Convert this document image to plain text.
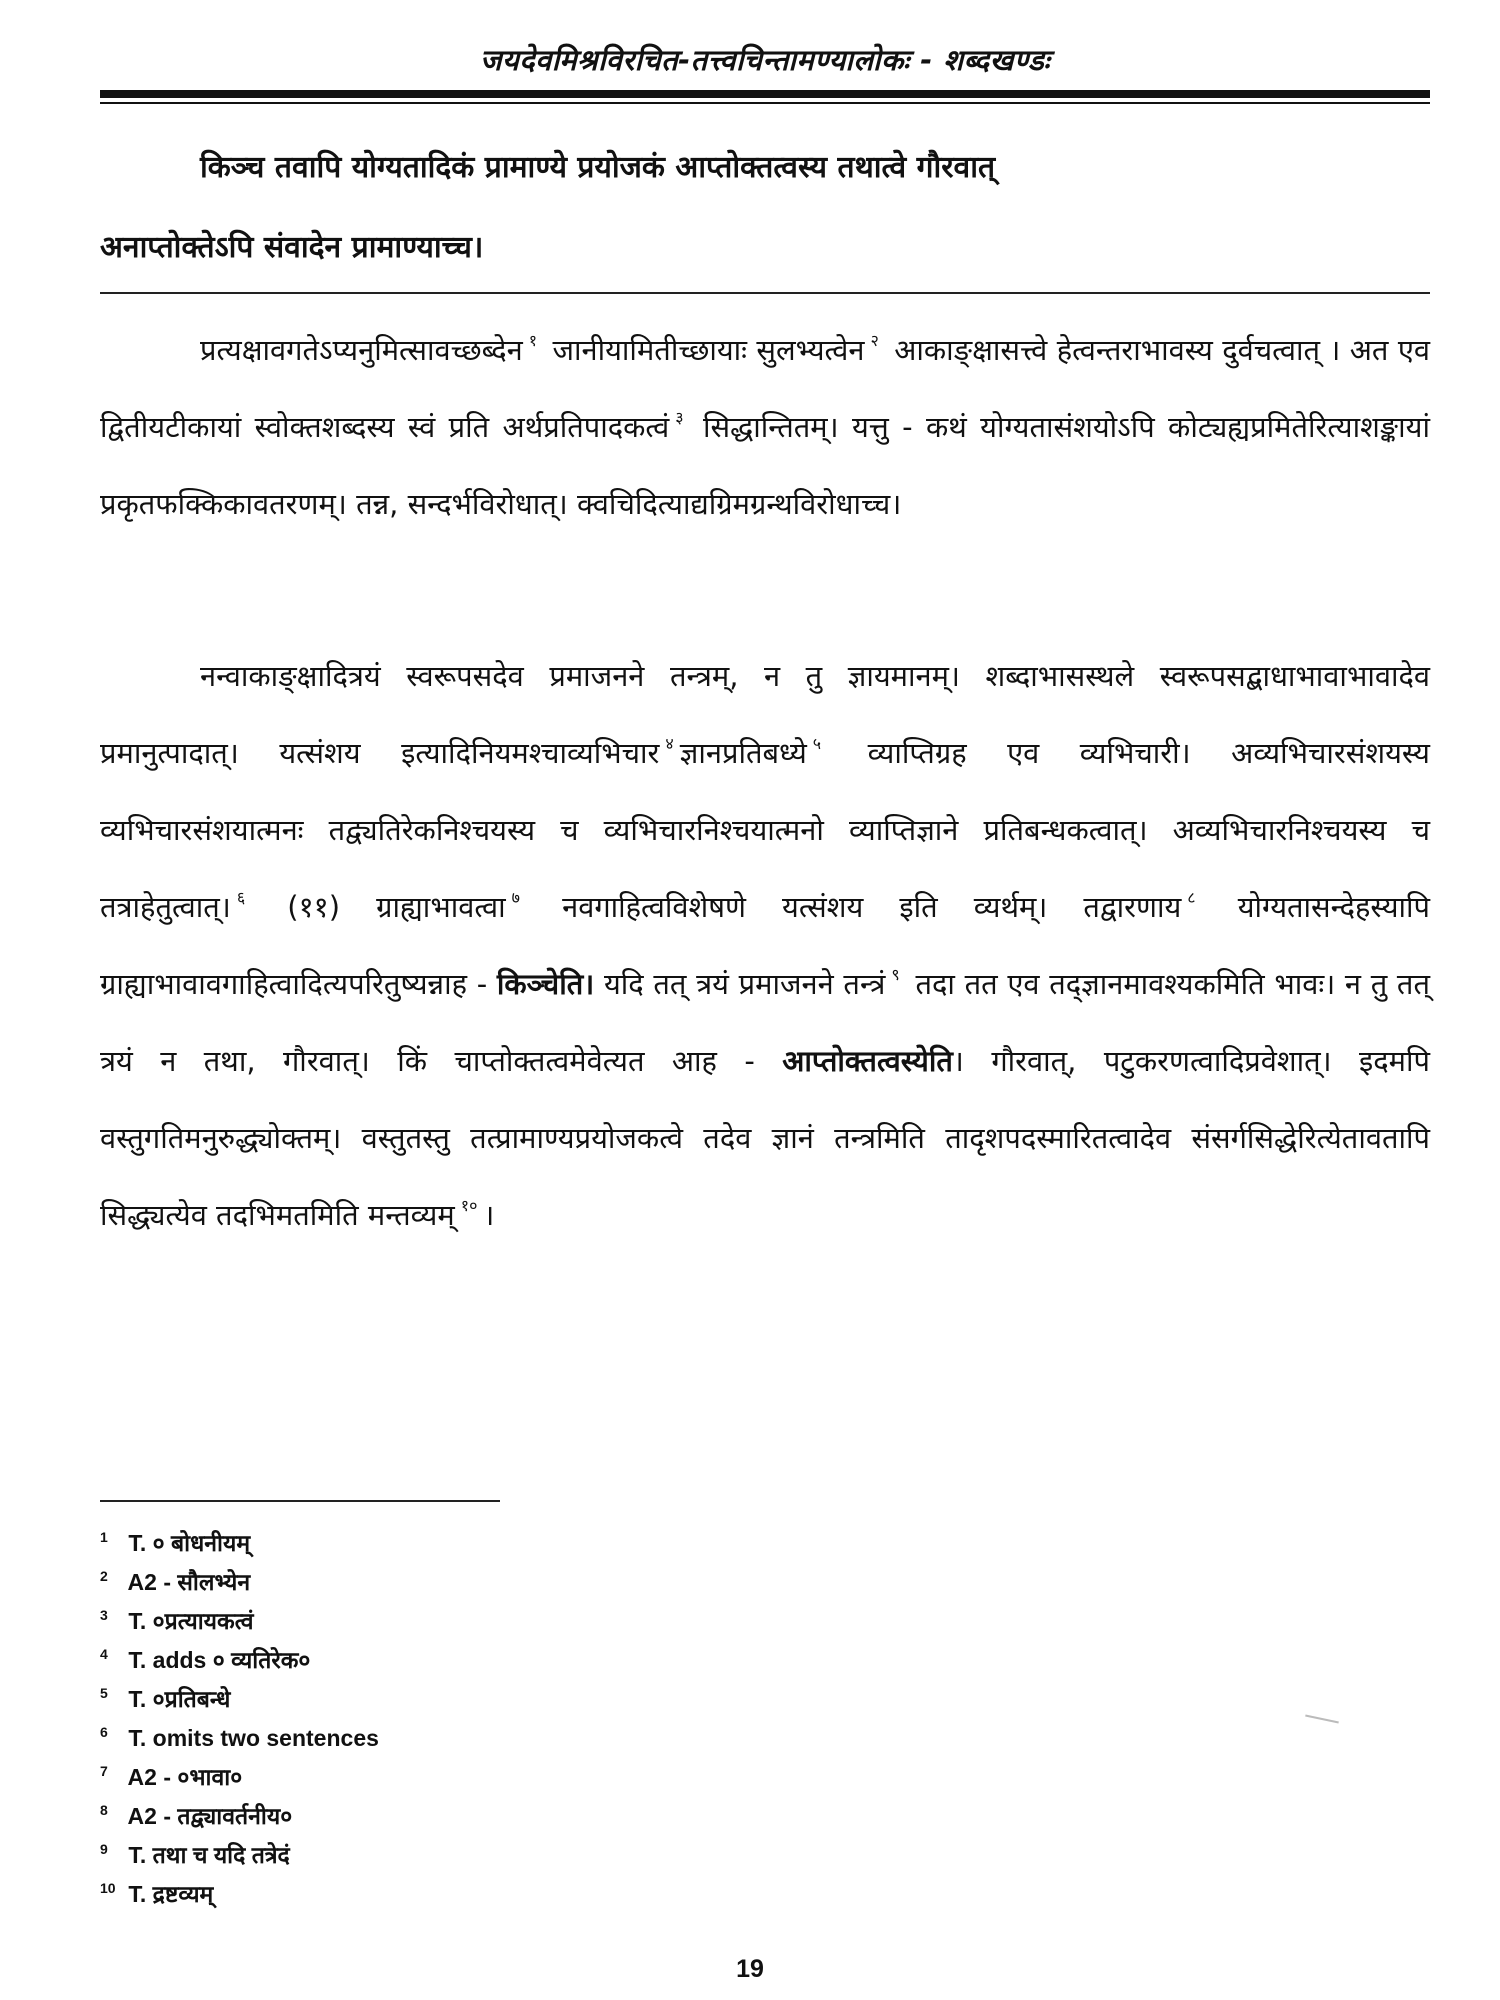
जयदेवमिश्रविरचित-तत्त्वचिन्तामण्यालोकः - शब्दखण्डः
किञ्च तवापि योग्यतादिकं प्रामाण्ये प्रयोजकं आप्तोक्तत्वस्य तथात्वे गौरवात्
अनाप्तोक्तेऽपि संवादेन प्रामाण्याच्च।

प्रत्यक्षावगतेऽप्यनुमित्सावच्छब्देन $^१$ जानीयामितीच्छायाः सुलभ्यत्वेन $^२$ आकाङ्क्षासत्त्वे हेत्वन्तराभावस्य दुर्वचत्वात् । अत एव द्वितीयटीकायां स्वोक्तशब्दस्य स्वं प्रति अर्थप्रतिपादकत्वं $^३$ सिद्धान्तितम्। यत्तु - कथं योग्यतासंशयोऽपि कोट्यह्यप्रमितेरित्याशङ्कायां प्रकृतफक्किकावतरणम्। तन्न, सन्दर्भविरोधात्। क्वचिदित्याद्यग्रिमग्रन्थविरोधाच्च।

नन्वाकाङ्क्षादित्रयं स्वरूपसदेव प्रमाजनने तन्त्रम्, न तु ज्ञायमानम्। शब्दाभासस्थले स्वरूपसद्बाधाभावाभावादेव प्रमानुत्पादात्। यत्संशय इत्यादिनियमश्चाव्यभिचार $^४$ ज्ञानप्रतिबध्ये $^५$ व्याप्तिग्रह एव व्यभिचारी। अव्यभिचारसंशयस्य व्यभिचारसंशयात्मनः तद्व्यतिरेकनिश्चयस्य च व्यभिचारनिश्चयात्मनो व्याप्तिज्ञाने प्रतिबन्धकत्वात्। अव्यभिचारनिश्चयस्य च तत्राहेतुत्वात्। $^६$ (११) ग्राह्याभावत्वा $^७$ नवगाहित्वविशेषणे यत्संशय इति व्यर्थम्। तद्वारणाय $^८$ योग्यतासन्देहस्यापि ग्राह्याभावावगाहित्वादित्यपरितुष्यन्नाह - किञ्चेति। यदि तत् त्रयं प्रमाजनने तन्त्रं $^९$ तदा तत एव तद्ज्ञानमावश्यकमिति भावः। न तु तत् त्रयं न तथा, गौरवात्। किं चाप्तोक्तत्वमेवेत्यत आह - आप्तोक्तत्वस्येति। गौरवात्, पटुकरणत्वादिप्रवेशात्। इदमपि वस्तुगतिमनुरुद्ध्योक्तम्। वस्तुतस्तु तत्प्रामाण्यप्रयोजकत्वे तदेव ज्ञानं तन्त्रमिति तादृशपदस्मारितत्वादेव संसर्गसिद्धेरित्येतावतापि सिद्ध्यत्येव तदभिमतमिति मन्तव्यम् $^{१०}$ ।

1 T. ० बोधनीयम्
2 A2 - सौलभ्येन
3 T. ०प्रत्यायकत्वं
4 T. adds ० व्यतिरेक०
5 T. ०प्रतिबन्धे
6 T. omits two sentences
7 A2 - ०भावा०
8 A2 - तद्व्यावर्तनीय०
9 T. तथा च यदि तत्रेदं
10 T. द्रष्टव्यम्
19
